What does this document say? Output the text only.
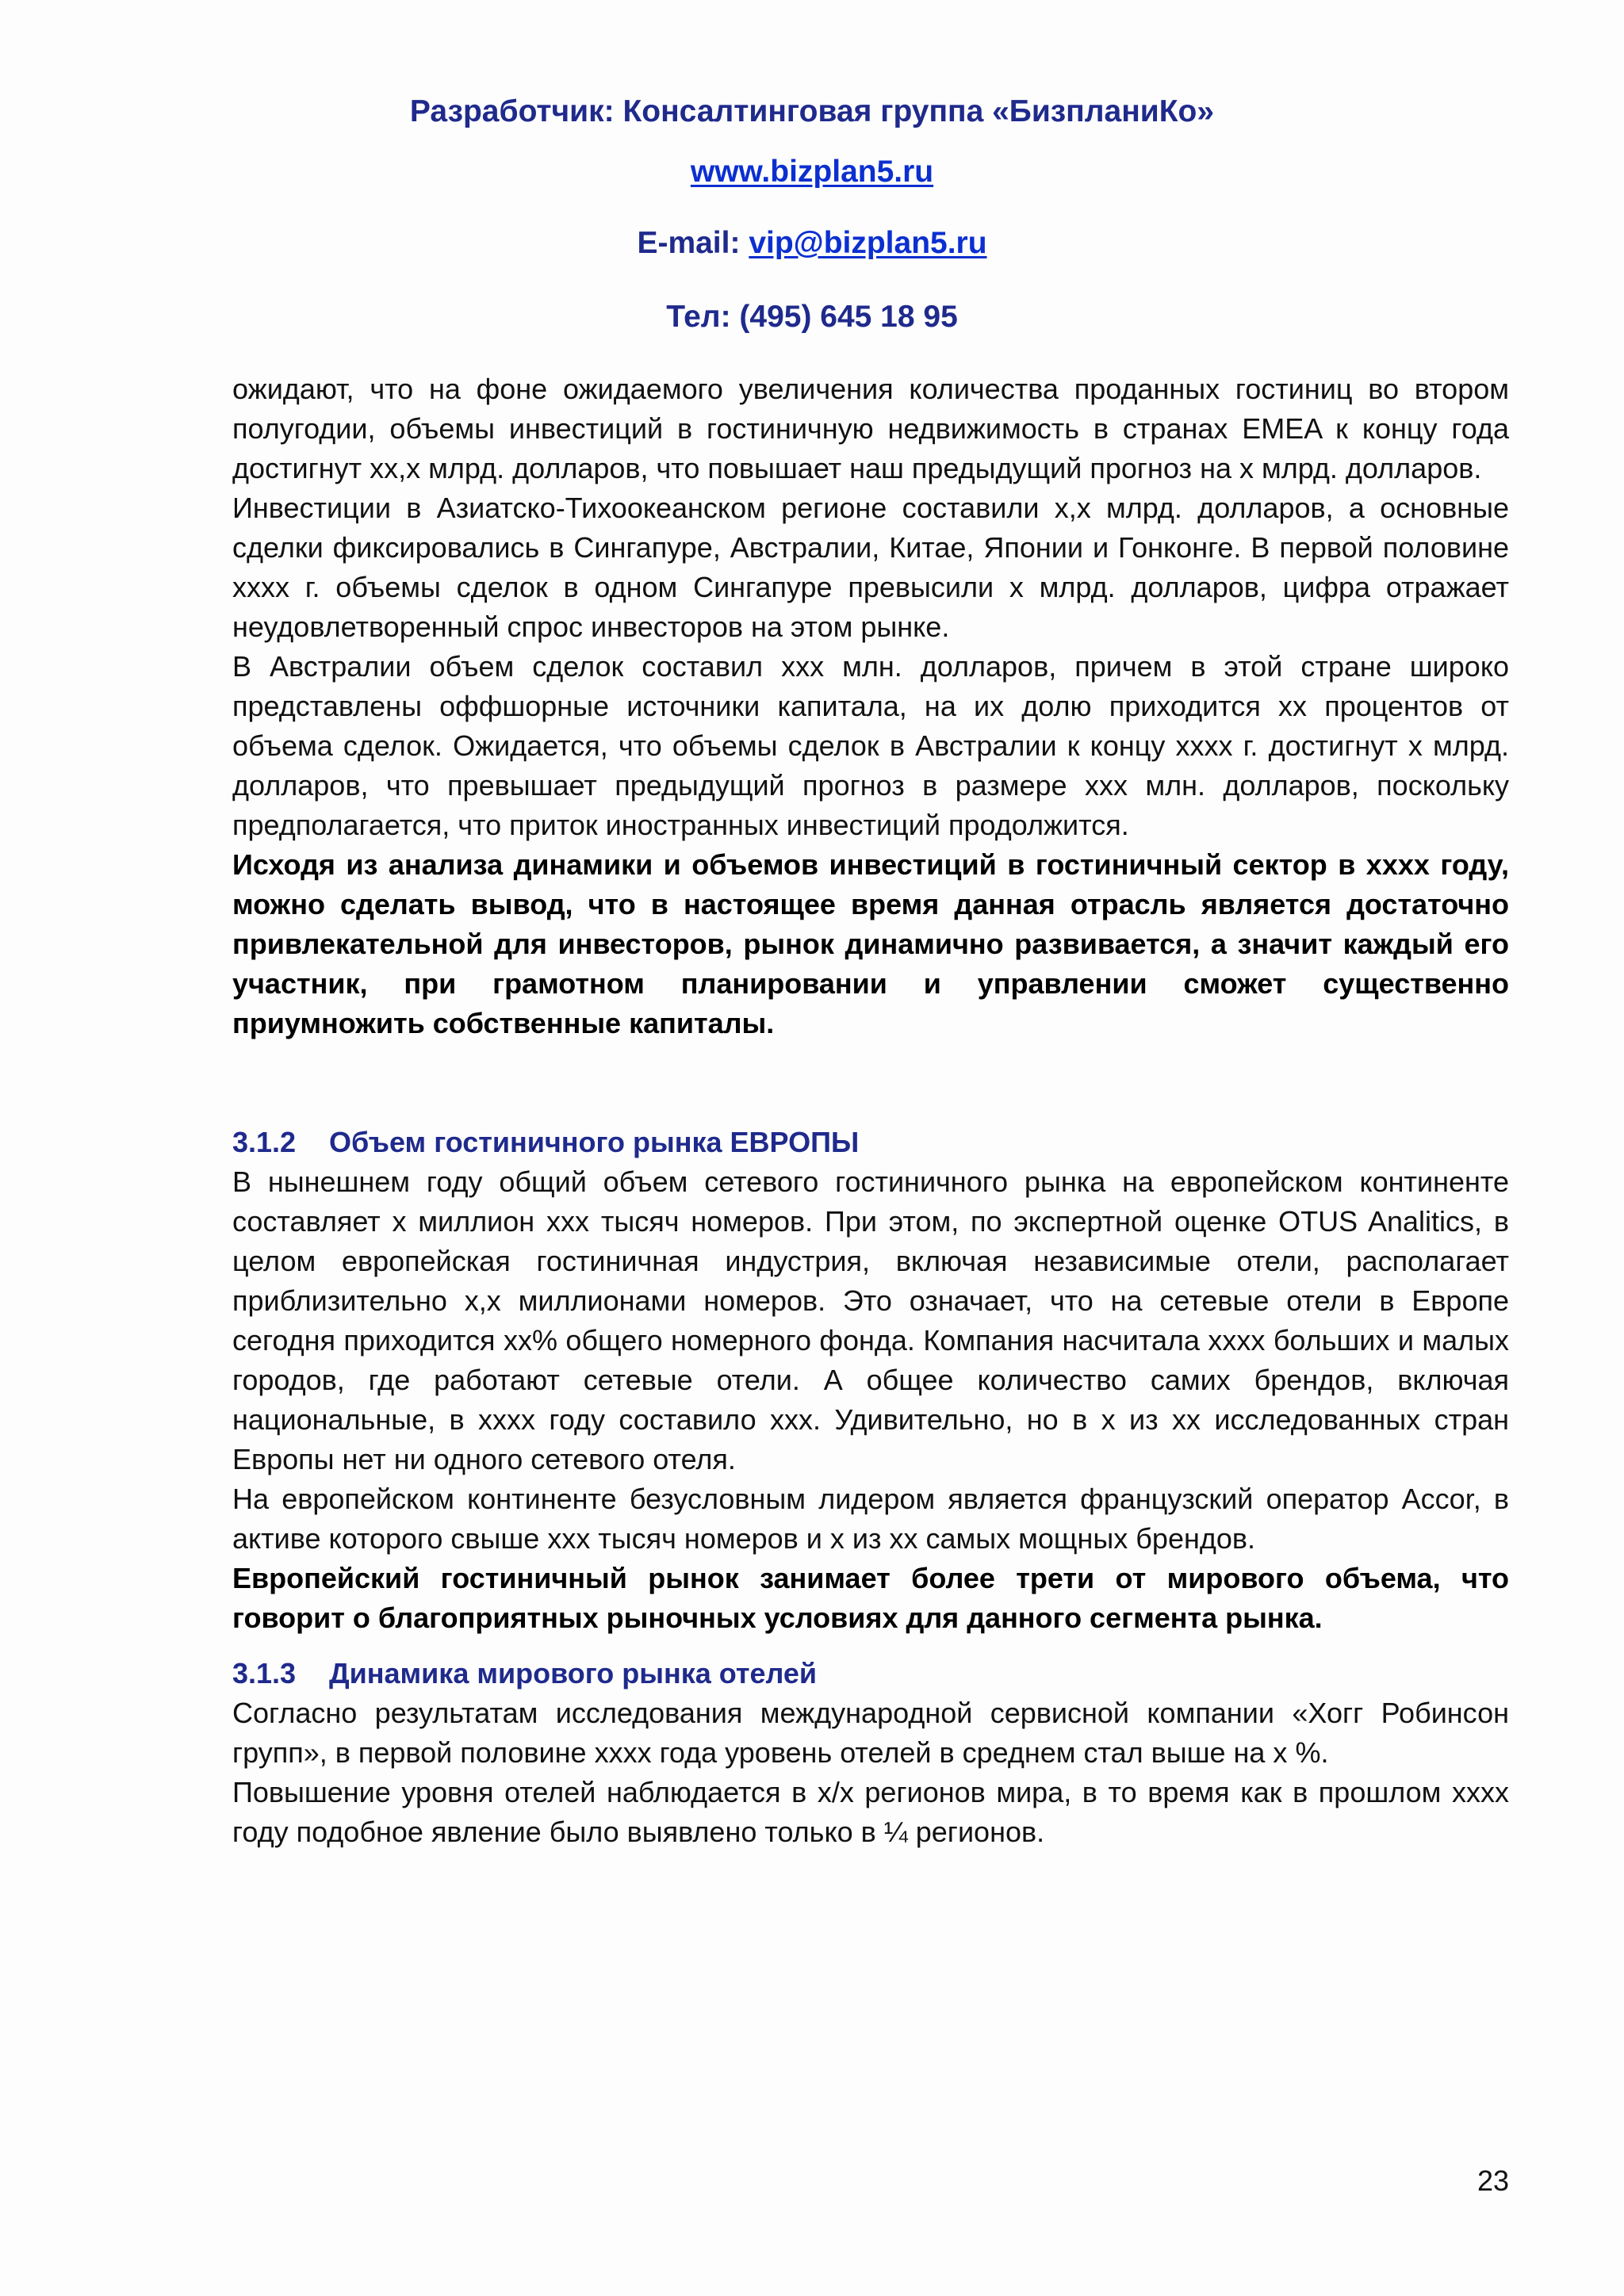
Разработчик: Консалтинговая группа «БизпланиКо»
www.bizplan5.ru
E-mail: vip@bizplan5.ru
Тел: (495) 645 18 95

ожидают, что на фоне ожидаемого увеличения количества проданных гостиниц во втором полугодии, объемы инвестиций в гостиничную недвижимость в странах EMEA к концу года достигнут хх,х млрд. долларов, что повышает наш предыдущий прогноз на х млрд. долларов.

Инвестиции в Азиатско-Тихоокеанском регионе составили х,х млрд. долларов, а основные сделки фиксировались в Сингапуре, Австралии, Китае, Японии и Гонконге. В первой половине хххх г. объемы сделок в одном Сингапуре превысили х млрд. долларов, цифра отражает неудовлетворенный спрос инвесторов на этом рынке.

В Австралии объем сделок составил ххх млн. долларов, причем в этой стране широко представлены оффшорные источники капитала, на их долю приходится хх процентов от объема сделок. Ожидается, что объемы сделок в Австралии к концу хххх г. достигнут х млрд. долларов, что превышает предыдущий прогноз в размере ххх млн. долларов, поскольку предполагается, что приток иностранных инвестиций продолжится.

Исходя из анализа динамики и объемов инвестиций в гостиничный сектор в хххх году, можно сделать вывод, что в настоящее время данная отрасль является достаточно привлекательной для инвесторов, рынок динамично развивается, а значит каждый его участник, при грамотном планировании и управлении сможет существенно приумножить собственные капиталы.

3.1.2 Объем гостиничного рынка ЕВРОПЫ

В нынешнем году общий объем сетевого гостиничного рынка на европейском континенте составляет х миллион ххх тысяч номеров. При этом, по экспертной оценке OTUS Analitics, в целом европейская гостиничная индустрия, включая независимые отели, располагает приблизительно х,х миллионами номеров. Это означает, что на сетевые отели в Европе сегодня приходится хх% общего номерного фонда. Компания насчитала хххх больших и малых городов, где работают сетевые отели. А общее количество самих брендов, включая национальные, в хххх году составило ххх. Удивительно, но в х из хх исследованных стран Европы нет ни одного сетевого отеля.

На европейском континенте безусловным лидером является французский оператор Accor, в активе которого свыше ххх тысяч номеров и х из хх самых мощных брендов.

Европейский гостиничный рынок занимает более трети от мирового объема, что говорит о благоприятных рыночных условиях для данного сегмента рынка.

3.1.3 Динамика мирового рынка отелей

Согласно результатам исследования международной сервисной компании «Хогг Робинсон групп», в первой половине хххх года уровень отелей в среднем стал выше на х %.

Повышение уровня отелей наблюдается в х/х регионов мира, в то время как в прошлом хххх году подобное явление было выявлено только в ¼ регионов.

23
